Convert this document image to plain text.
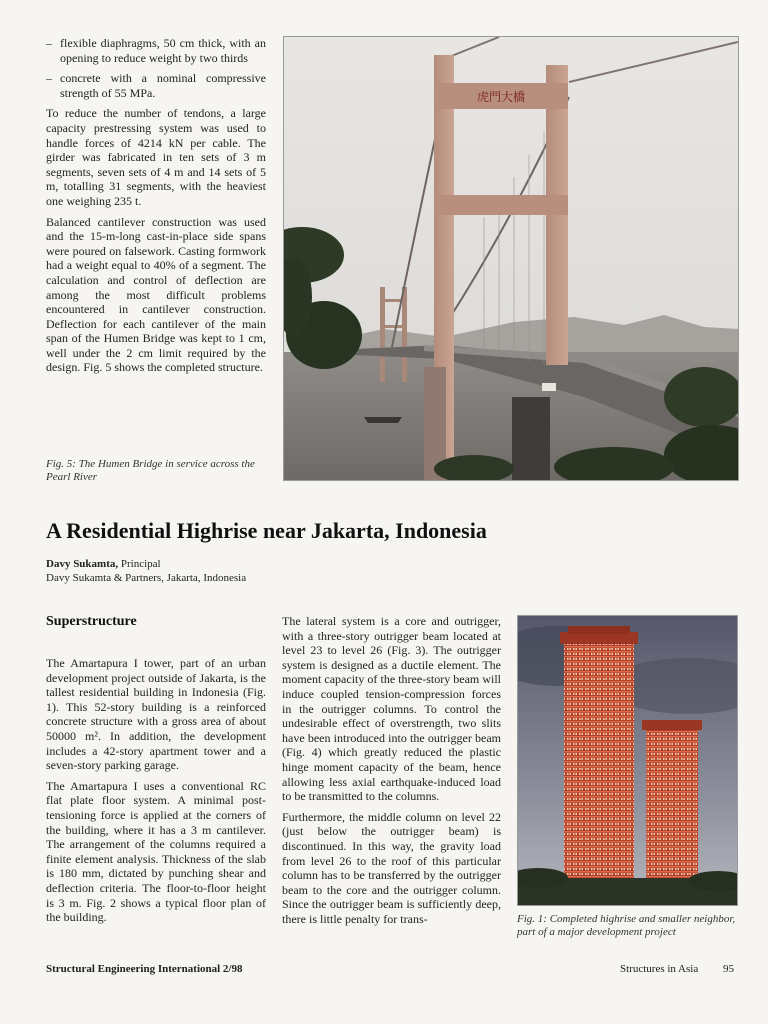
– flexible diaphragms, 50 cm thick, with an opening to reduce weight by two thirds
– concrete with a nominal compressive strength of 55 MPa.

To reduce the number of tendons, a large capacity prestressing system was used to handle forces of 4214 kN per cable. The girder was fabricated in ten sets of 3 m segments, seven sets of 4 m and 14 sets of 5 m, totalling 31 segments, with the heaviest one weighing 235 t.

Balanced cantilever construction was used and the 15-m-long cast-in-place side spans were poured on falsework. Casting formwork had a weight equal to 40% of a segment. The calculation and control of deflection are among the most difficult problems encountered in cantilever construction. Deflection for each cantilever of the main span of the Humen Bridge was kept to 1 cm, well under the 2 cm limit required by the design. Fig. 5 shows the completed structure.

Fig. 5: The Humen Bridge in service across the Pearl River
虎門大橋
A Residential Highrise near Jakarta, Indonesia
Davy Sukamta, Principal
Davy Sukamta & Partners, Jakarta, Indonesia
Superstructure

The Amartapura I tower, part of an urban development project outside of Jakarta, is the tallest residential building in Indonesia (Fig. 1). This 52-story building is a reinforced concrete structure with a gross area of about 50000 m². In addition, the development includes a 42-story apartment tower and a seven-story parking garage.

The Amartapura I uses a conventional RC flat plate floor system. A minimal post-tensioning force is applied at the corners of the building, where it has a 3 m cantilever. The arrangement of the columns required a finite element analysis. Thickness of the slab is 180 mm, dictated by punching shear and deflection criteria. The floor-to-floor height is 3 m. Fig. 2 shows a typical floor plan of the building.

The lateral system is a core and outrigger, with a three-story outrigger beam located at level 23 to level 26 (Fig. 3). The outrigger system is designed as a ductile element. The moment capacity of the three-story beam will induce coupled tension-compression forces in the outrigger columns. To control the undesirable effect of overstrength, two slits have been introduced into the outrigger beam (Fig. 4) which greatly reduced the plastic hinge moment capacity of the beam, hence allowing less axial earthquake-induced load to be transmitted to the columns.

Furthermore, the middle column on level 22 (just below the outrigger beam) is discontinued. In this way, the gravity load from level 26 to the roof of this particular column has to be transferred by the outrigger beam to the core and the outrigger column. Since the outrigger beam is sufficiently deep, there is little penalty for trans-	Fig. 1: Completed highrise and smaller neighbor, part of a major development project
Structural Engineering International 2/98	Structures in Asia 95
